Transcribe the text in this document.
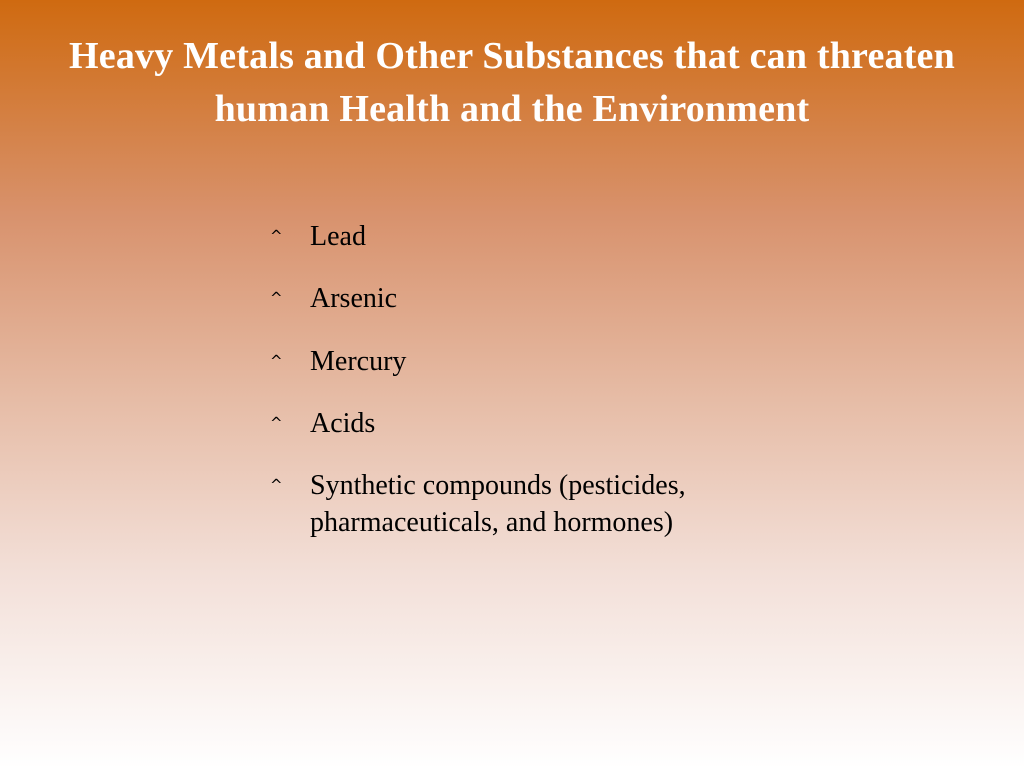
Heavy Metals and Other Substances that can threaten
human Health and the Environment
^ Lead
^ Arsenic
^ Mercury
^ Acids
^ Synthetic compounds (pesticides, pharmaceuticals, and hormones)
